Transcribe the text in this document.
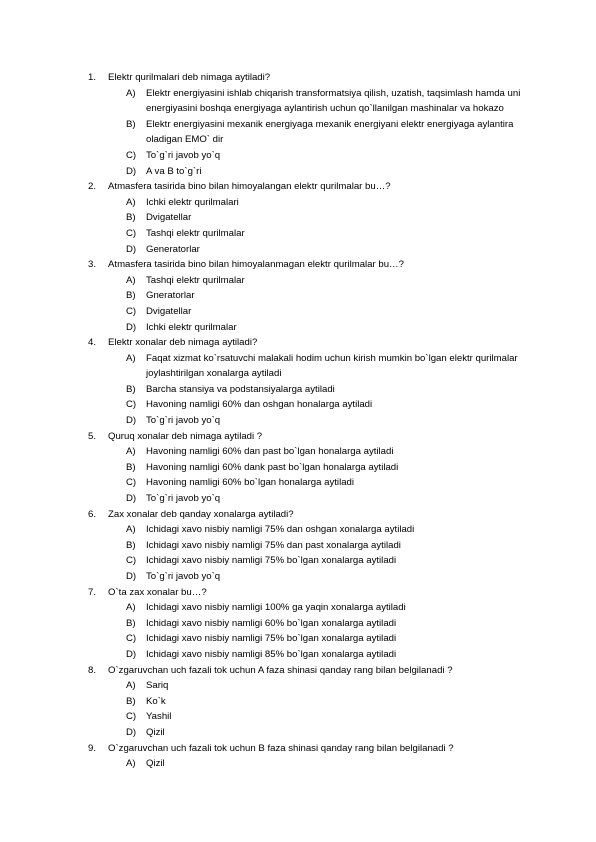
1. Elektr qurilmalari deb nimaga aytiladi?
A)	Elektr energiyasini ishlab chiqarish transformatsiya qilish, uzatish, taqsimlash hamda uni energiyasini boshqa energiyaga aylantirish uchun qo`llanilgan mashinalar va hokazo
B)	Elektr energiyasini mexanik energiyaga mexanik energiyani elektr energiyaga aylantira oladigan EMO` dir
C)	To`g`ri javob yo`q
D)	A va B to`g`ri
2. Atmasfera tasirida bino bilan himoyalangan elektr qurilmalar bu…?
A)	Ichki elektr qurilmalari
B)	Dvigatellar
C)	Tashqi elektr qurilmalar
D)	Generatorlar
3. Atmasfera tasirida bino bilan himoyalanmagan elektr qurilmalar bu…?
A)	Tashqi elektr qurilmalar
B)	Gneratorlar
C)	Dvigatellar
D)	Ichki elektr qurilmalar
4. Elektr xonalar deb nimaga aytiladi?
A)	Faqat xizmat ko`rsatuvchi malakali hodim uchun kirish mumkin bo`lgan elektr qurilmalar joylashtirilgan xonalarga aytiladi
B)	Barcha stansiya va podstansiyalarga aytiladi
C)	Havoning namligi 60% dan oshgan honalarga aytiladi
D)	To`g`ri javob yo`q
5. Quruq xonalar deb nimaga aytiladi ?
A)	Havoning namligi 60% dan past bo`lgan honalarga aytiladi
B)	Havoning namligi 60% dank past bo`lgan honalarga aytiladi
C)	Havoning namligi 60% bo`lgan honalarga aytiladi
D)	To`g`ri javob yo`q
6. Zax xonalar deb qanday xonalarga aytiladi?
A)	Ichidagi xavo nisbiy namligi 75% dan oshgan xonalarga aytiladi
B)	Ichidagi xavo nisbiy namligi 75% dan past xonalarga aytiladi
C)	Ichidagi xavo nisbiy namligi 75% bo`lgan xonalarga aytiladi
D)	To`g`ri javob yo`q
7. O`ta zax xonalar bu…?
A)	Ichidagi xavo nisbiy namligi 100% ga yaqin xonalarga aytiladi
B)	Ichidagi xavo nisbiy namligi 60% bo`lgan xonalarga aytiladi
C)	Ichidagi xavo nisbiy namligi 75% bo`lgan xonalarga aytiladi
D)	Ichidagi xavo nisbiy namligi 85% bo`lgan xonalarga aytiladi
8. O`zgaruvchan uch fazali tok uchun A faza shinasi qanday rang bilan belgilanadi ?
A)	Sariq
B)	Ko`k
C)	Yashil
D)	Qizil
9. O`zgaruvchan uch fazali tok uchun B faza shinasi qanday rang bilan belgilanadi ?
A)	Qizil
